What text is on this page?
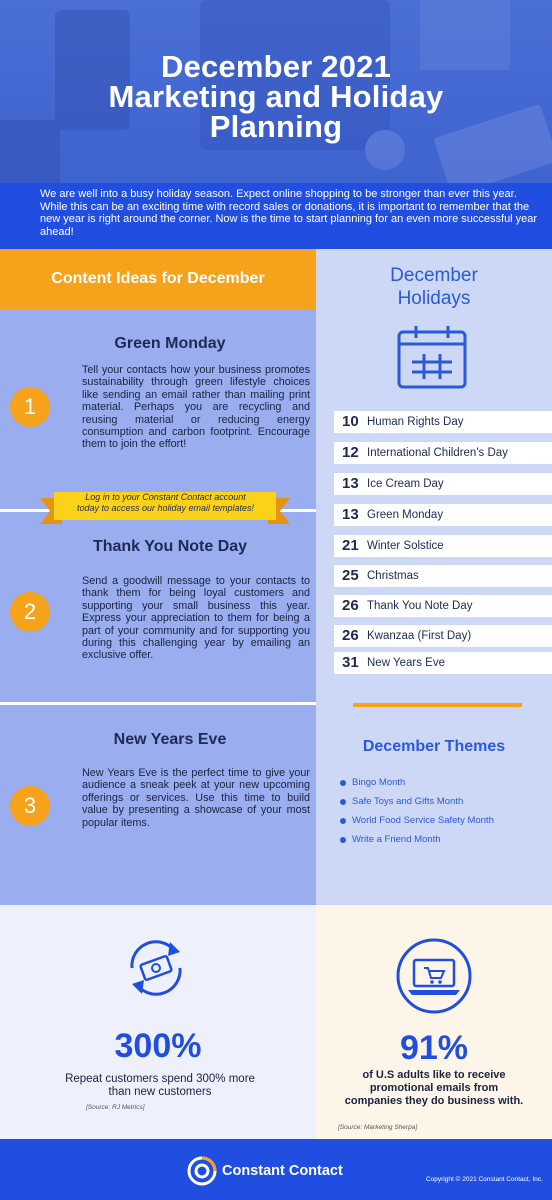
December 2021
Marketing and Holiday
Planning
We are well into a busy holiday season. Expect online shopping to be stronger than ever this year. While this can be an exciting time with record sales or donations, it is important to remember that the new year is right around the corner. Now is the time to start planning for an even more successful year ahead!
Content Ideas for December
Green Monday
1
Tell your contacts how your business promotes sustainability through green lifestyle choices like sending an email rather than mailing print material. Perhaps you are recycling and reusing material or reducing energy consumption and carbon footprint. Encourage them to join the effort!
Thank You Note Day
2
Send a goodwill message to your contacts to thank them for being loyal customers and supporting your small business this year. Express your appreciation to them for being a part of your community and for supporting you during this challenging year by emailing an exclusive offer.
New Years Eve
3
New Years Eve is the perfect time to give your audience a sneak peek at your new upcoming offerings or services. Use this time to build value by presenting a showcase of your most popular items.
Log in to your Constant Contact account
today to access our holiday email templates!
December
Holidays
10 Human Rights Day
12 International Children's Day
13 Ice Cream Day
13 Green Monday
21 Winter Solstice
25 Christmas
26 Thank You Note Day
26 Kwanzaa (First Day)
31 New Years Eve
December Themes
Bingo Month
Safe Toys and Gifts Month
World Food Service Safety Month
Write a Friend Month
300%
Repeat customers spend 300% more
than new customers
[Source: RJ Metrics]
91%
of U.S adults like to receive
promotional emails from
companies they do business with.
[Source: Marketing Sherpa]
Constant Contact
Copyright © 2021 Constant Contact, Inc.
